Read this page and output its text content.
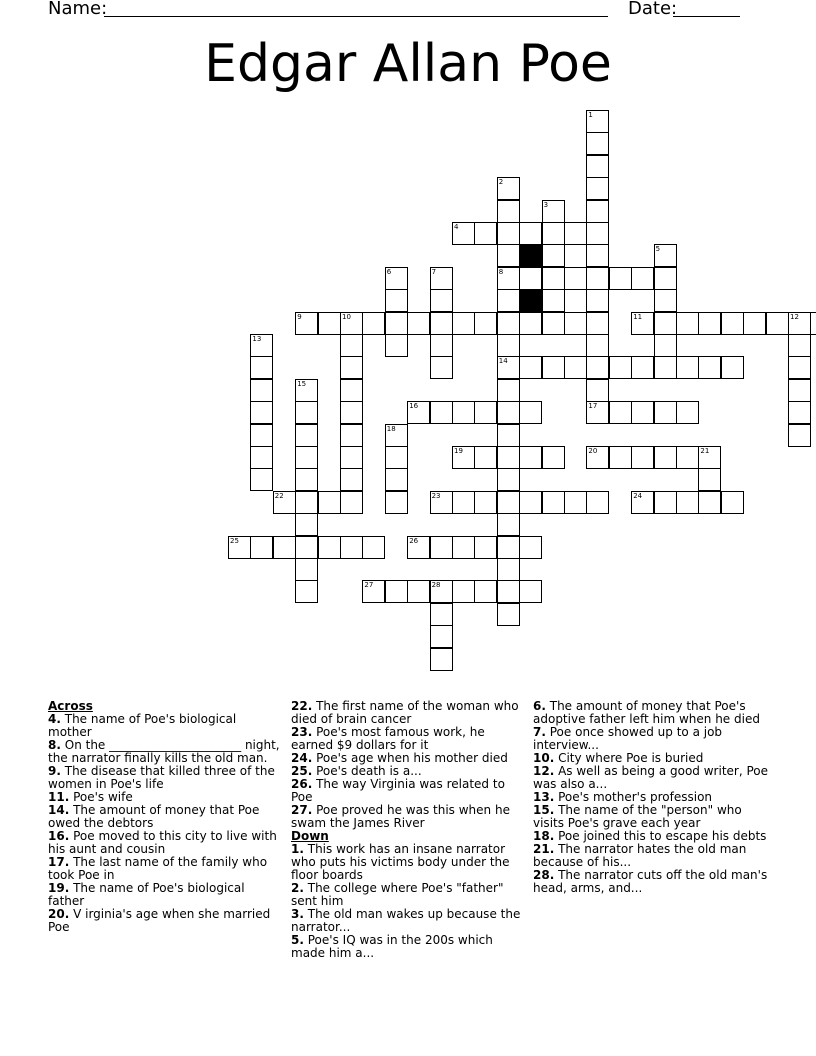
Name:	Date:
Edgar Allan Poe
4
8
9	10	11	12
14
16	17
19	20	21
22	23	24
25	26
27	28
1
2
3
5
6	7
13
15
18

Across

4. The name of Poe's biological mother

8. On the ______________________ night, the narrator finally kills the old man.

9. The disease that killed three of the women in Poe's life

11. Poe's wife

14. The amount of money that Poe owed the debtors

16. Poe moved to this city to live with his aunt and cousin

17. The last name of the family who took Poe in

19. The name of Poe's biological father

20. V irginia's age when she married Poe

22. The first name of the woman who died of brain cancer

23. Poe's most famous work, he earned $9 dollars for it

24. Poe's age when his mother died

25. Poe's death is a...

26. The way Virginia was related to Poe

27. Poe proved he was this when he swam the James River

Down

1. This work has an insane narrator who puts his victims body under the floor boards

2. The college where Poe's "father" sent him

3. The old man wakes up because the narrator...

5. Poe's IQ was in the 200s which made him a...

6. The amount of money that Poe's adoptive father left him when he died

7. Poe once showed up to a job interview...

10. City where Poe is buried

12. As well as being a good writer, Poe was also a...

13. Poe's mother's profession

15. The name of the "person" who visits Poe's grave each year

18. Poe joined this to escape his debts

21. The narrator hates the old man because of his...

28. The narrator cuts off the old man's head, arms, and...
